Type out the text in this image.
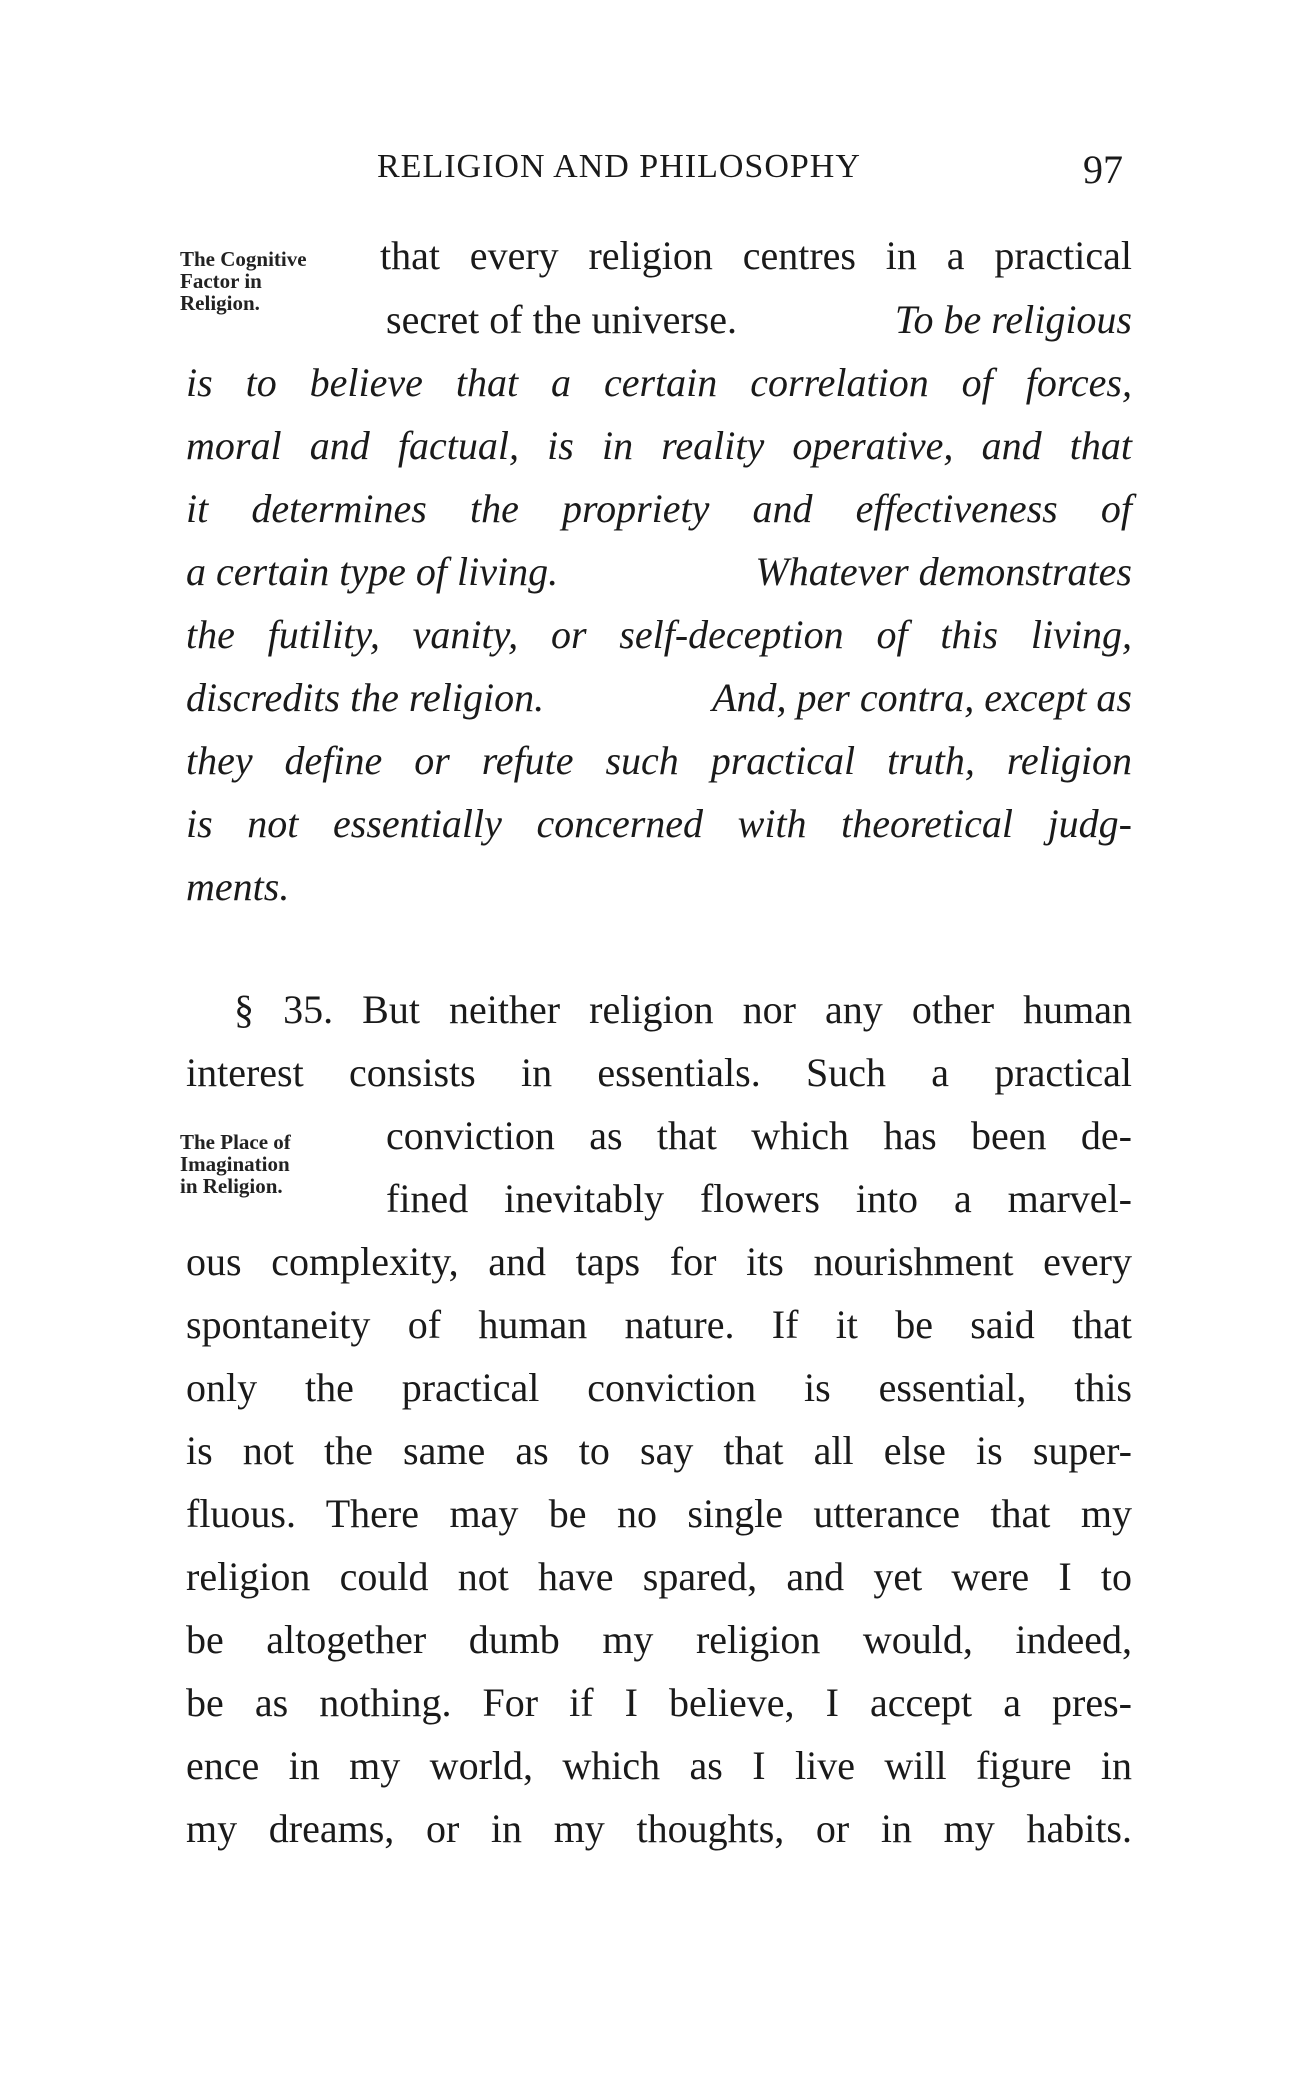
RELIGION AND PHILOSOPHY	97
The Cognitive
Factor in
Religion.
The Place of
Imagination
in Religion.
that every religion centres in a practical
secret of the universe.	To be religious
is to believe that a certain correlation of forces,
moral and factual, is in reality operative, and that
it determines the propriety and effectiveness of
a certain type of living.	Whatever demonstrates
the futility, vanity, or self-deception of this living,
discredits the religion.	And, per contra, except as
they define or refute such practical truth, religion
is not essentially concerned with theoretical judg-
ments.
§ 35. But neither religion nor any other human
interest consists in essentials. Such a practical
conviction as that which has been de-
fined inevitably flowers into a marvel-
ous complexity, and taps for its nourishment every
spontaneity of human nature. If it be said that
only the practical conviction is essential, this
is not the same as to say that all else is super-
fluous. There may be no single utterance that my
religion could not have spared, and yet were I to
be altogether dumb my religion would, indeed,
be as nothing. For if I believe, I accept a pres-
ence in my world, which as I live will figure in
my dreams, or in my thoughts, or in my habits.
